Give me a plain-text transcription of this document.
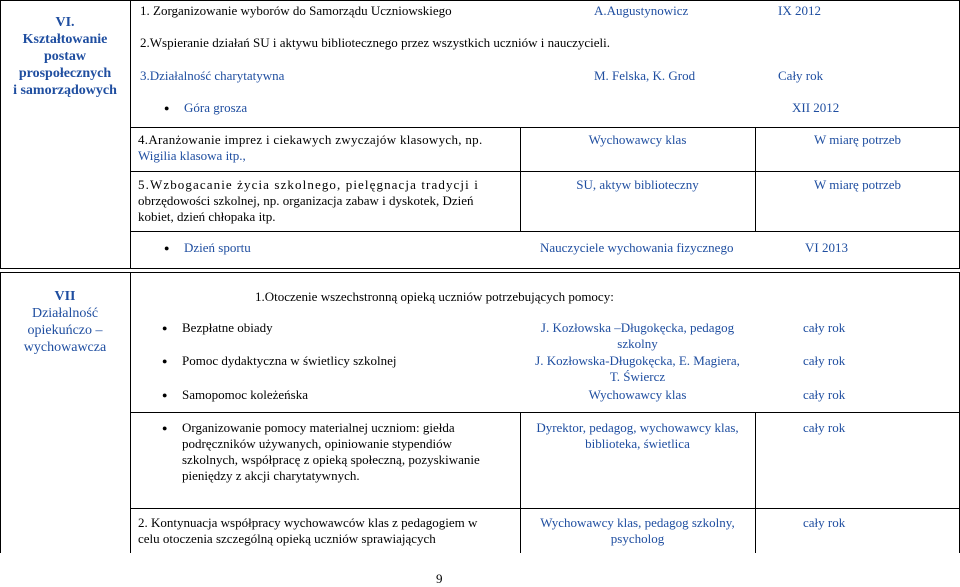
VI.
Kształtowanie
postaw
prospołecznych
i samorządowych
1. Zorganizowanie wyborów do Samorządu Uczniowskiego	A.Augustynowicz	IX 2012
2.Wspieranie działań SU i aktywu bibliotecznego przez wszystkich uczniów i nauczycieli.
3.Działalność charytatywna	M. Felska, K. Grod	Cały rok
● Góra grosza	XII 2012
4.Aranżowanie imprez i ciekawych zwyczajów klasowych, np.
Wigilia klasowa itp.,
Wychowawcy klas	W miarę potrzeb
5.Wzbogacanie życia szkolnego, pielęgnacja tradycji i
obrzędowości szkolnej, np. organizacja zabaw i dyskotek, Dzień
kobiet, dzień chłopaka itp.
SU, aktyw biblioteczny	W miarę potrzeb
● Dzień sportu	Nauczyciele wychowania fizycznego	VI 2013
VII
Działalność
opiekuńczo –
wychowawcza
1.Otoczenie wszechstronną opieką uczniów potrzebujących pomocy:
● Bezpłatne obiady	J. Kozłowska –Długokęcka, pedagog
szkolny
cały rok
● Pomoc dydaktyczna w świetlicy szkolnej	J. Kozłowska-Długokęcka, E. Magiera,
T. Świercz
cały rok
● Samopomoc koleżeńska	Wychowawcy klas	cały rok
● Organizowanie pomocy materialnej uczniom: giełda
podręczników używanych, opiniowanie stypendiów
szkolnych, współpracę z opieką społeczną, pozyskiwanie
pieniędzy z akcji charytatywnych.
Dyrektor, pedagog, wychowawcy klas,
biblioteka, świetlica
cały rok
2. Kontynuacja współpracy wychowawców klas z pedagogiem w
celu otoczenia szczególną opieką uczniów sprawiających
Wychowawcy klas, pedagog szkolny,
psycholog
cały rok
9
